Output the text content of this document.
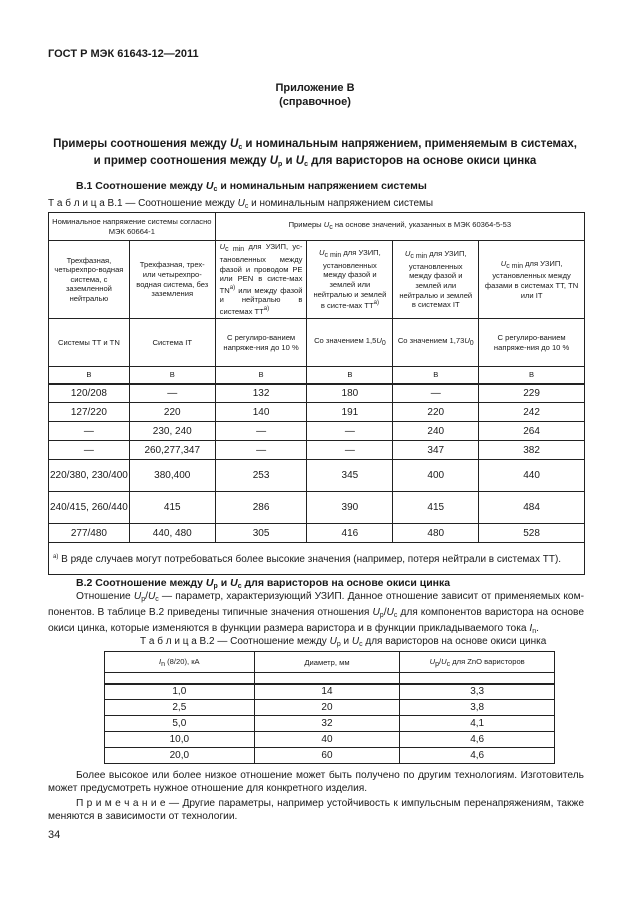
ГОСТ Р МЭК 61643-12—2011
Приложение В
(справочное)
Примеры соотношения между $U_c$ и номинальным напряжением, применяемым в системах,
и пример соотношения между $U_p$ и $U_c$ для варисторов на основе окиси цинка
В.1 Соотношение между $U_c$ и номинальным напряжением системы
Т а б л и ц а В.1 — Соотношение между $U_c$ и номинальным напряжением системы
Номинальное напряжение системы согласно МЭК 60664-1		Примеры Uc на основе значений, указанных в МЭК 60364-5-53			
Трехфазная, четырехпро-водная система, с заземленной нейтралью	Трехфазная, трех- или четырехпро-водная система, без заземления	Uc min для УЗИП, ус-тановленных между фазой и проводом PE или PEN в систе-мах $TN^{а)}$ или между фазой и нейтралью в системах $ТТ^{а)}$	Uc min для УЗИП, установленных между фазой и землей или нейтралью и землей в систе-мах $ТТ^{а)}$	Uc min для УЗИП, установленных между фазой и землей или нейтралью и землей в системах IT	Uc min для УЗИП, установленных между фазами в системах ТТ, TN или IT
Системы ТТ и TN	Система IT	С регулиро-ванием напряже-ния до 10 %	Со значением 1,5U0	Со значением 1,73U0	С регулиро-ванием напряже-ния до 10 %
В	В	В	В	В	В
120/208	—	132	180	—	229
127/220	220	140	191	220	242
—	230, 240	—	—	240	264
—	260,277,347	—	—	347	382
220/380, 230/400	380,400	253	345	400	440
240/415, 260/440	415	286	390	415	484
277/480	440, 480	305	416	480	528
$^{а)}$ В ряде случаев могут потребоваться более высокие значения (например, потеря нейтрали в системах ТТ).					
В.2 Соотношение между $U_p$ и $U_c$ для варисторов на основе окиси цинка
Отношение $U_p/U_c$ — параметр, характеризующий УЗИП. Данное отношение зависит от применяемых ком-понентов. В таблице В.2 приведены типичные значения отношения $U_p/U_c$ для компонентов варистора на основе окиси цинка, которые изменяются в функции размера варистора и в функции прикладываемого тока $I_n$.
Т а б л и ц а В.2 — Соотношение между $U_p$ и $U_c$ для варисторов на основе окиси цинка
In (8/20), кА	Диаметр, мм	Up/Uc для ZnO варисторов

1,0	14	3,3
2,5	20	3,8
5,0	32	4,1
10,0	40	4,6
20,0	60	4,6
Более высокое или более низкое отношение может быть получено по другим технологиям. Изготовитель может предусмотреть нужное отношение для конкретного изделия.
П р и м е ч а н и е — Другие параметры, например устойчивость к импульсным перенапряжениям, также меняются в зависимости от технологии.
34
